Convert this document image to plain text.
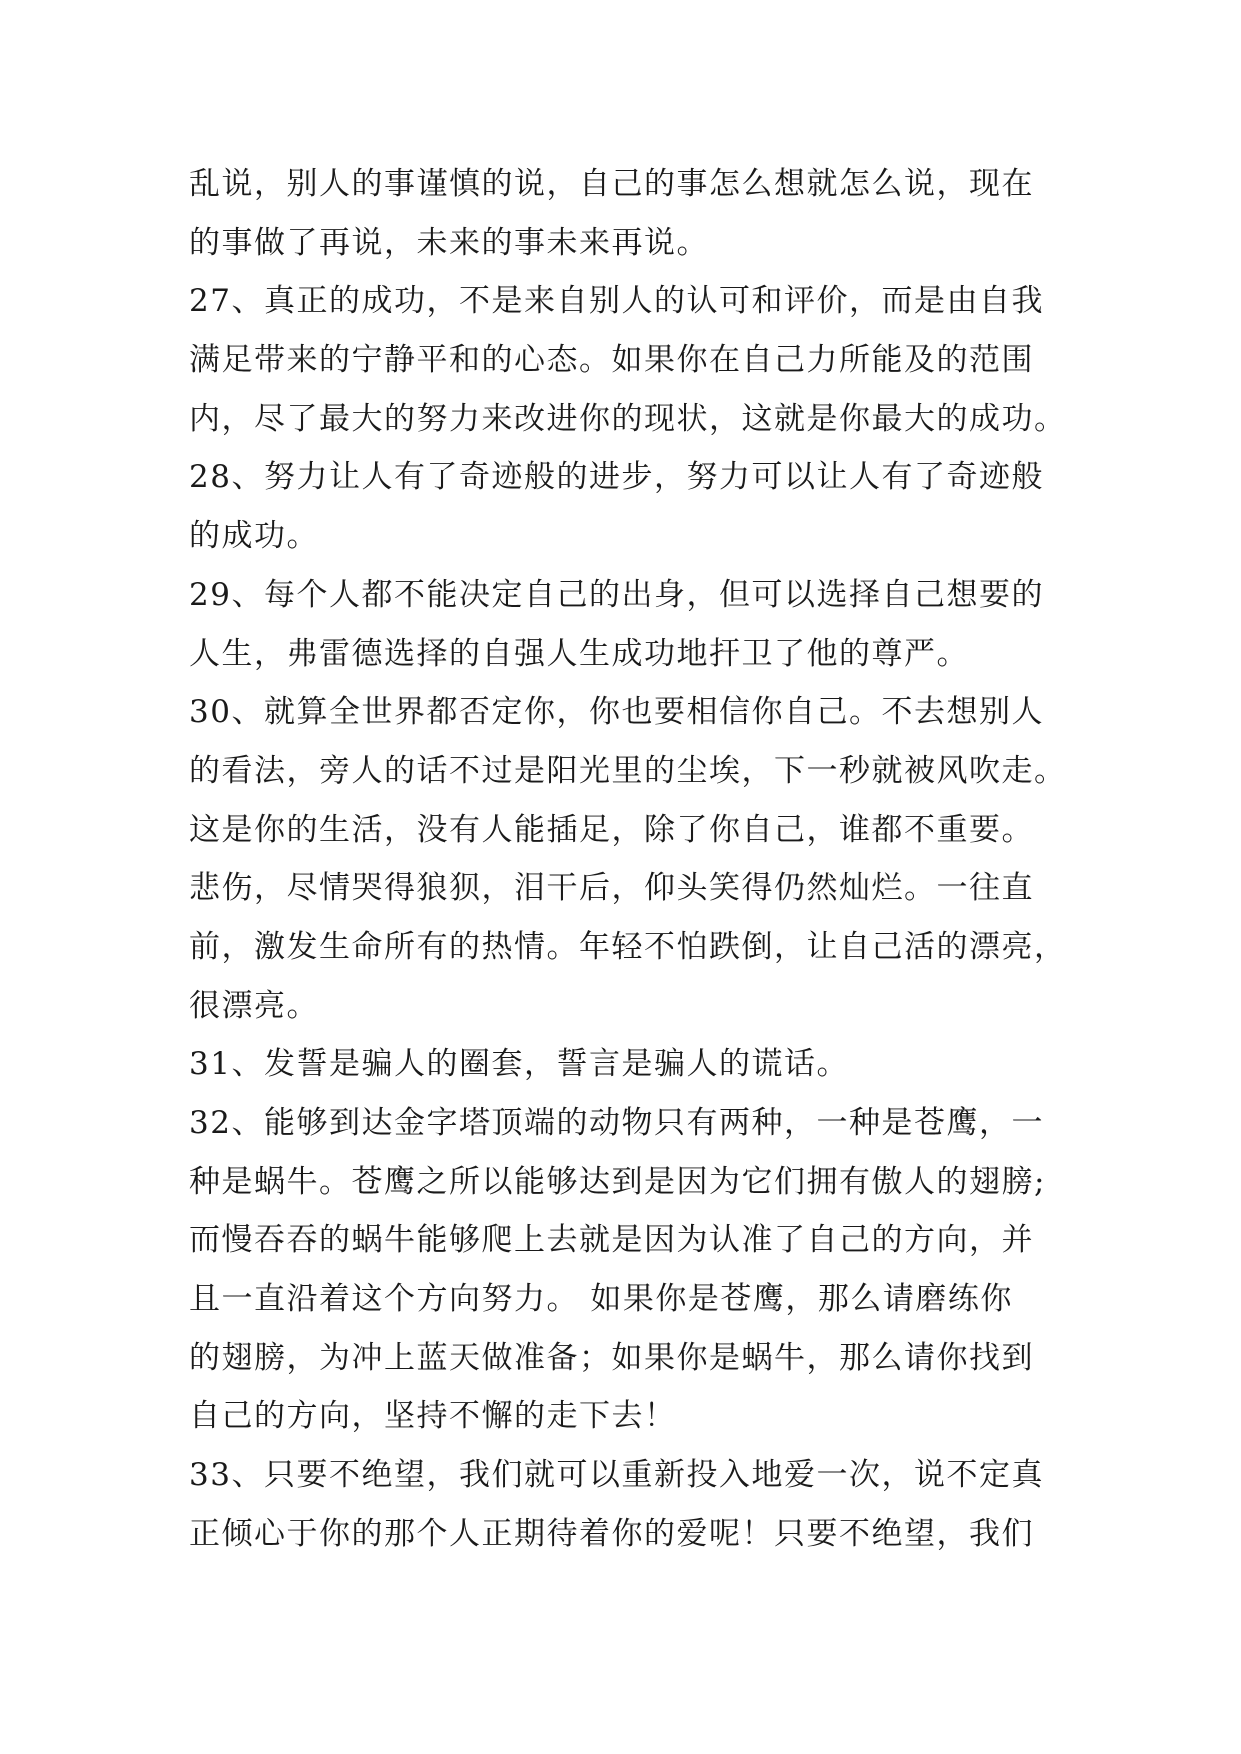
乱说，别人的事谨慎的说，自己的事怎么想就怎么说，现在
的事做了再说，未来的事未来再说。
27、真正的成功，不是来自别人的认可和评价，而是由自我
满足带来的宁静平和的心态。如果你在自己力所能及的范围
内，尽了最大的努力来改进你的现状，这就是你最大的成功。
28、努力让人有了奇迹般的进步，努力可以让人有了奇迹般
的成功。
29、每个人都不能决定自己的出身，但可以选择自己想要的
人生，弗雷德选择的自强人生成功地扞卫了他的尊严。
30、就算全世界都否定你，你也要相信你自己。不去想别人
的看法，旁人的话不过是阳光里的尘埃，下一秒就被风吹走。
这是你的生活，没有人能插足，除了你自己，谁都不重要。
悲伤，尽情哭得狼狈，泪干后，仰头笑得仍然灿烂。一往直
前，激发生命所有的热情。年轻不怕跌倒，让自己活的漂亮，
很漂亮。
31、发誓是骗人的圈套，誓言是骗人的谎话。
32、能够到达金字塔顶端的动物只有两种，一种是苍鹰，一
种是蜗牛。苍鹰之所以能够达到是因为它们拥有傲人的翅膀;
而慢吞吞的蜗牛能够爬上去就是因为认准了自己的方向，并
且一直沿着这个方向努力。 如果你是苍鹰，那么请磨练你
的翅膀，为冲上蓝天做准备；如果你是蜗牛，那么请你找到
自己的方向，坚持不懈的走下去！
33、只要不绝望，我们就可以重新投入地爱一次，说不定真
正倾心于你的那个人正期待着你的爱呢！只要不绝望，我们
